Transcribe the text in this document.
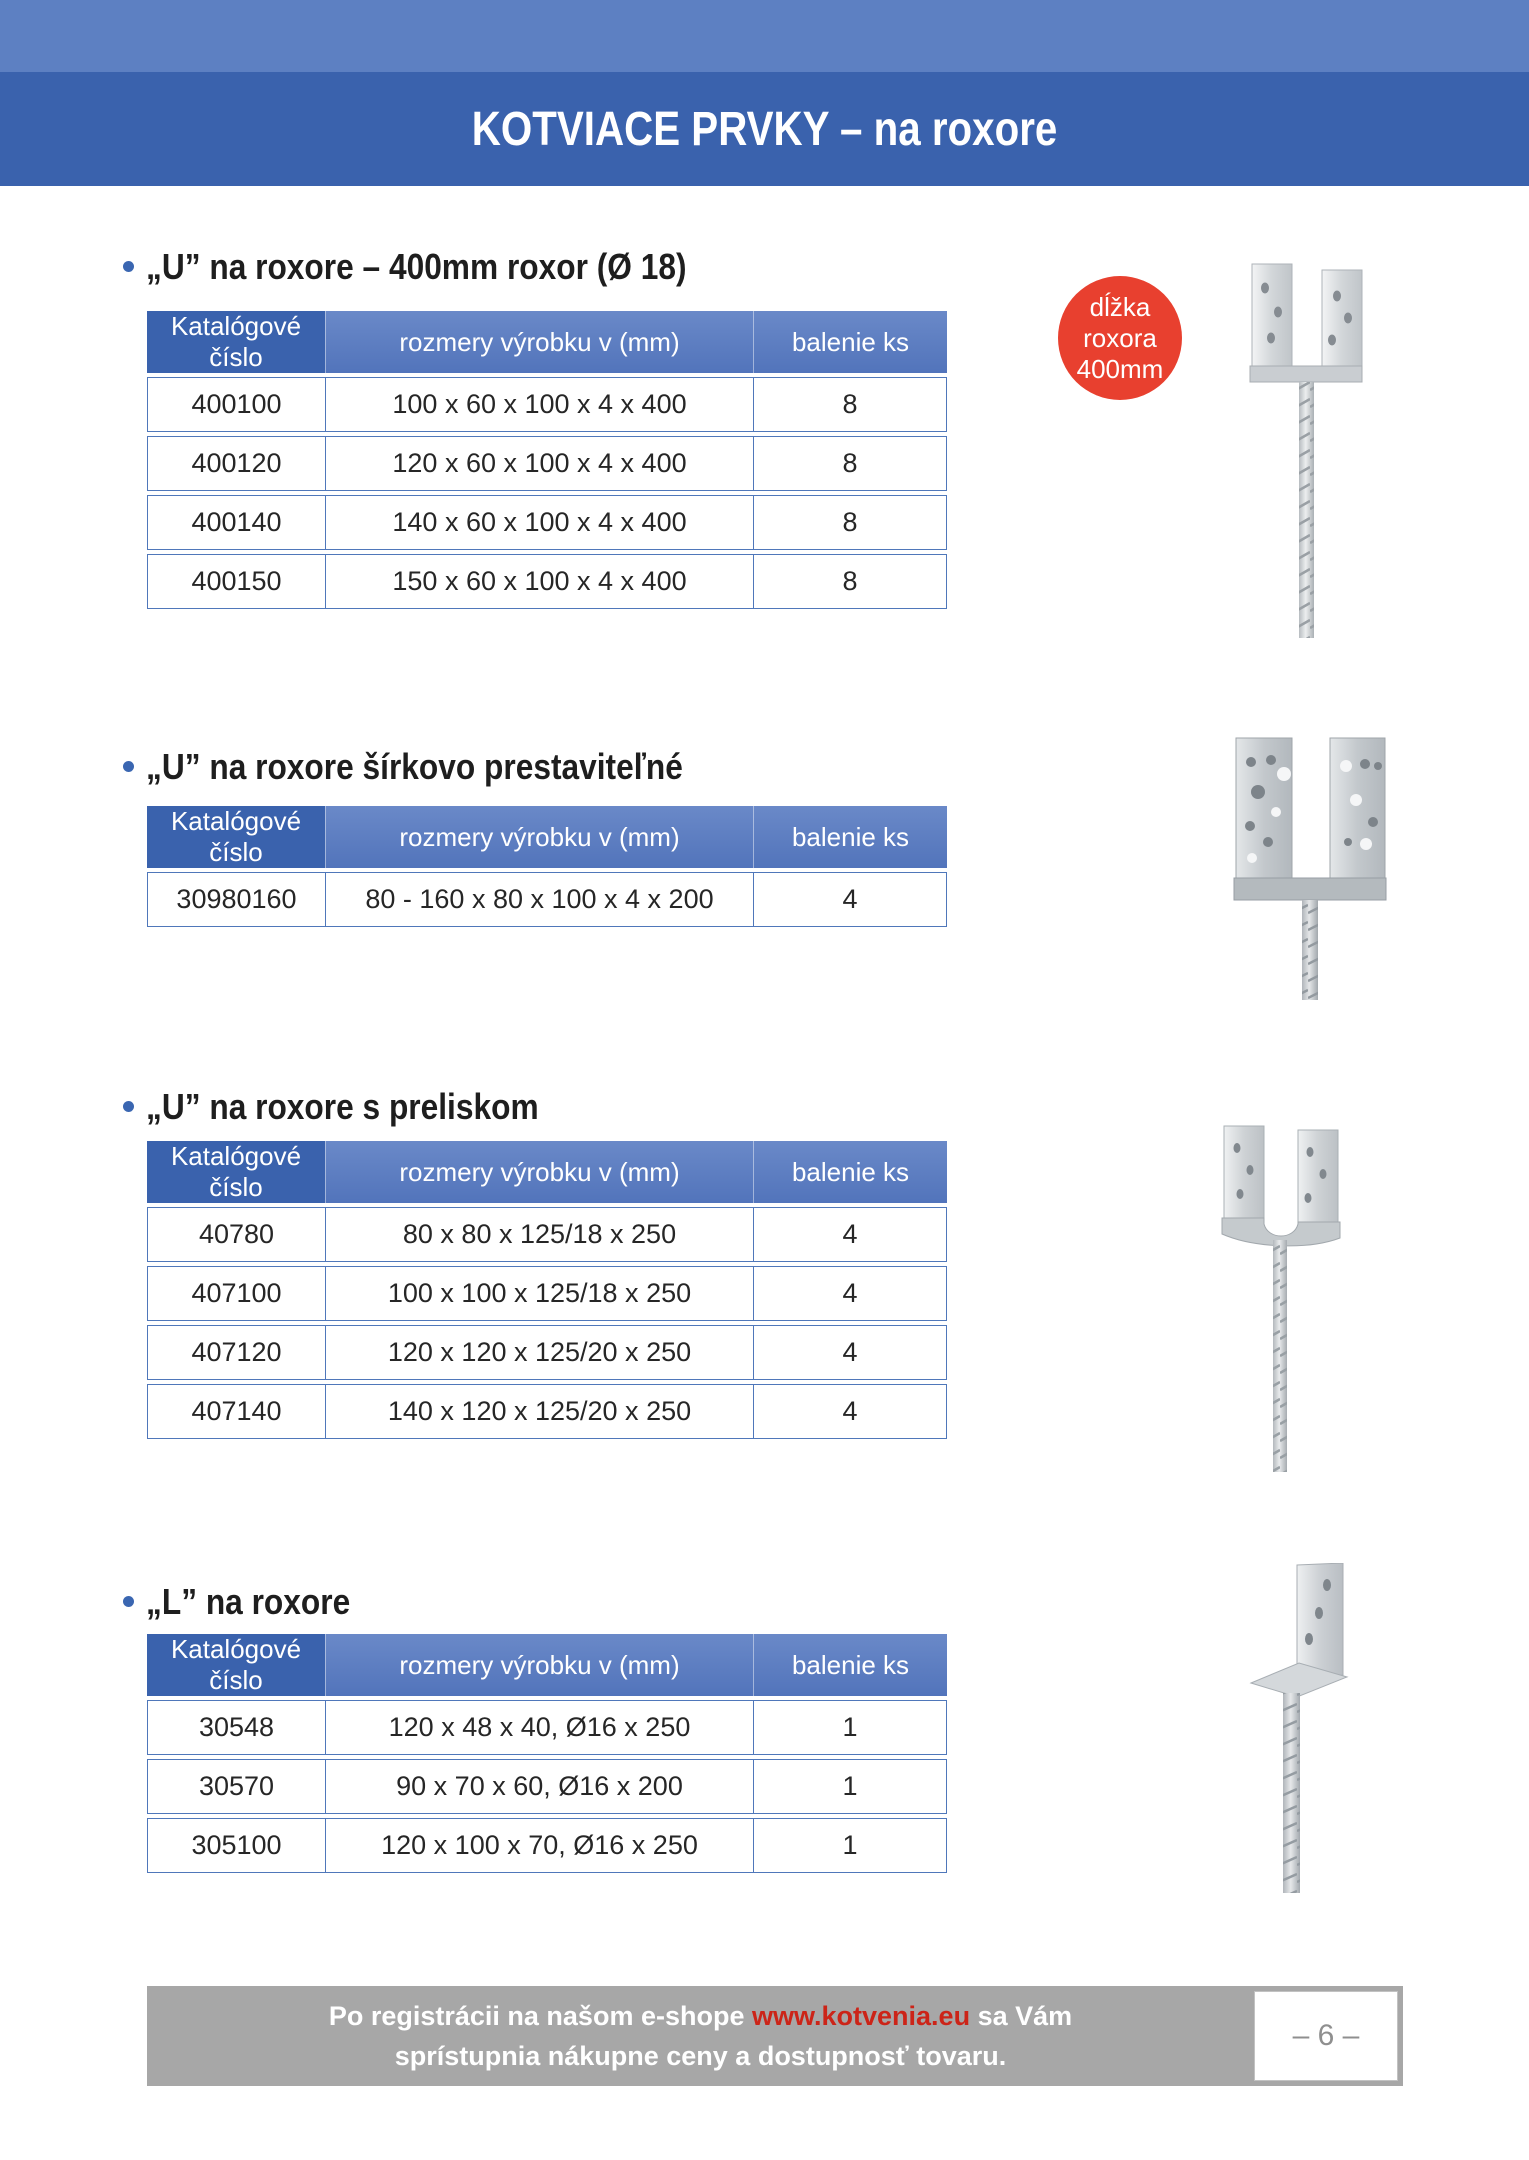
KOTVIACE PRVKY – na roxore
„U” na roxore – 400mm roxor (Ø 18)
Katalógové číslo	rozmery výrobku v (mm)	balenie ks
400100	100 x 60 x 100 x 4 x 400	8
400120	120 x 60 x 100 x 4 x 400	8
400140	140 x 60 x 100 x 4 x 400	8
400150	150 x 60 x 100 x 4 x 400	8
dĺžka
roxora
400mm
„U” na roxore šírkovo prestaviteľné
Katalógové číslo	rozmery výrobku v (mm)	balenie ks
30980160	80 - 160 x 80 x 100 x 4 x 200	4
„U” na roxore s preliskom
Katalógové číslo	rozmery výrobku v (mm)	balenie ks
40780	80 x 80 x 125/18 x 250	4
407100	100 x 100 x 125/18 x 250	4
407120	120 x 120 x 125/20 x 250	4
407140	140 x 120 x 125/20 x 250	4
„L” na roxore
Katalógové číslo	rozmery výrobku v (mm)	balenie ks
30548	120 x 48 x 40, Ø16 x 250	1
30570	90 x 70 x 60, Ø16 x 200	1
305100	120 x 100 x 70, Ø16 x 250	1
Po registrácii na našom e-shope www.kotvenia.eu sa Vám
sprístupnia nákupne ceny a dostupnosť tovaru.
– 6 –
